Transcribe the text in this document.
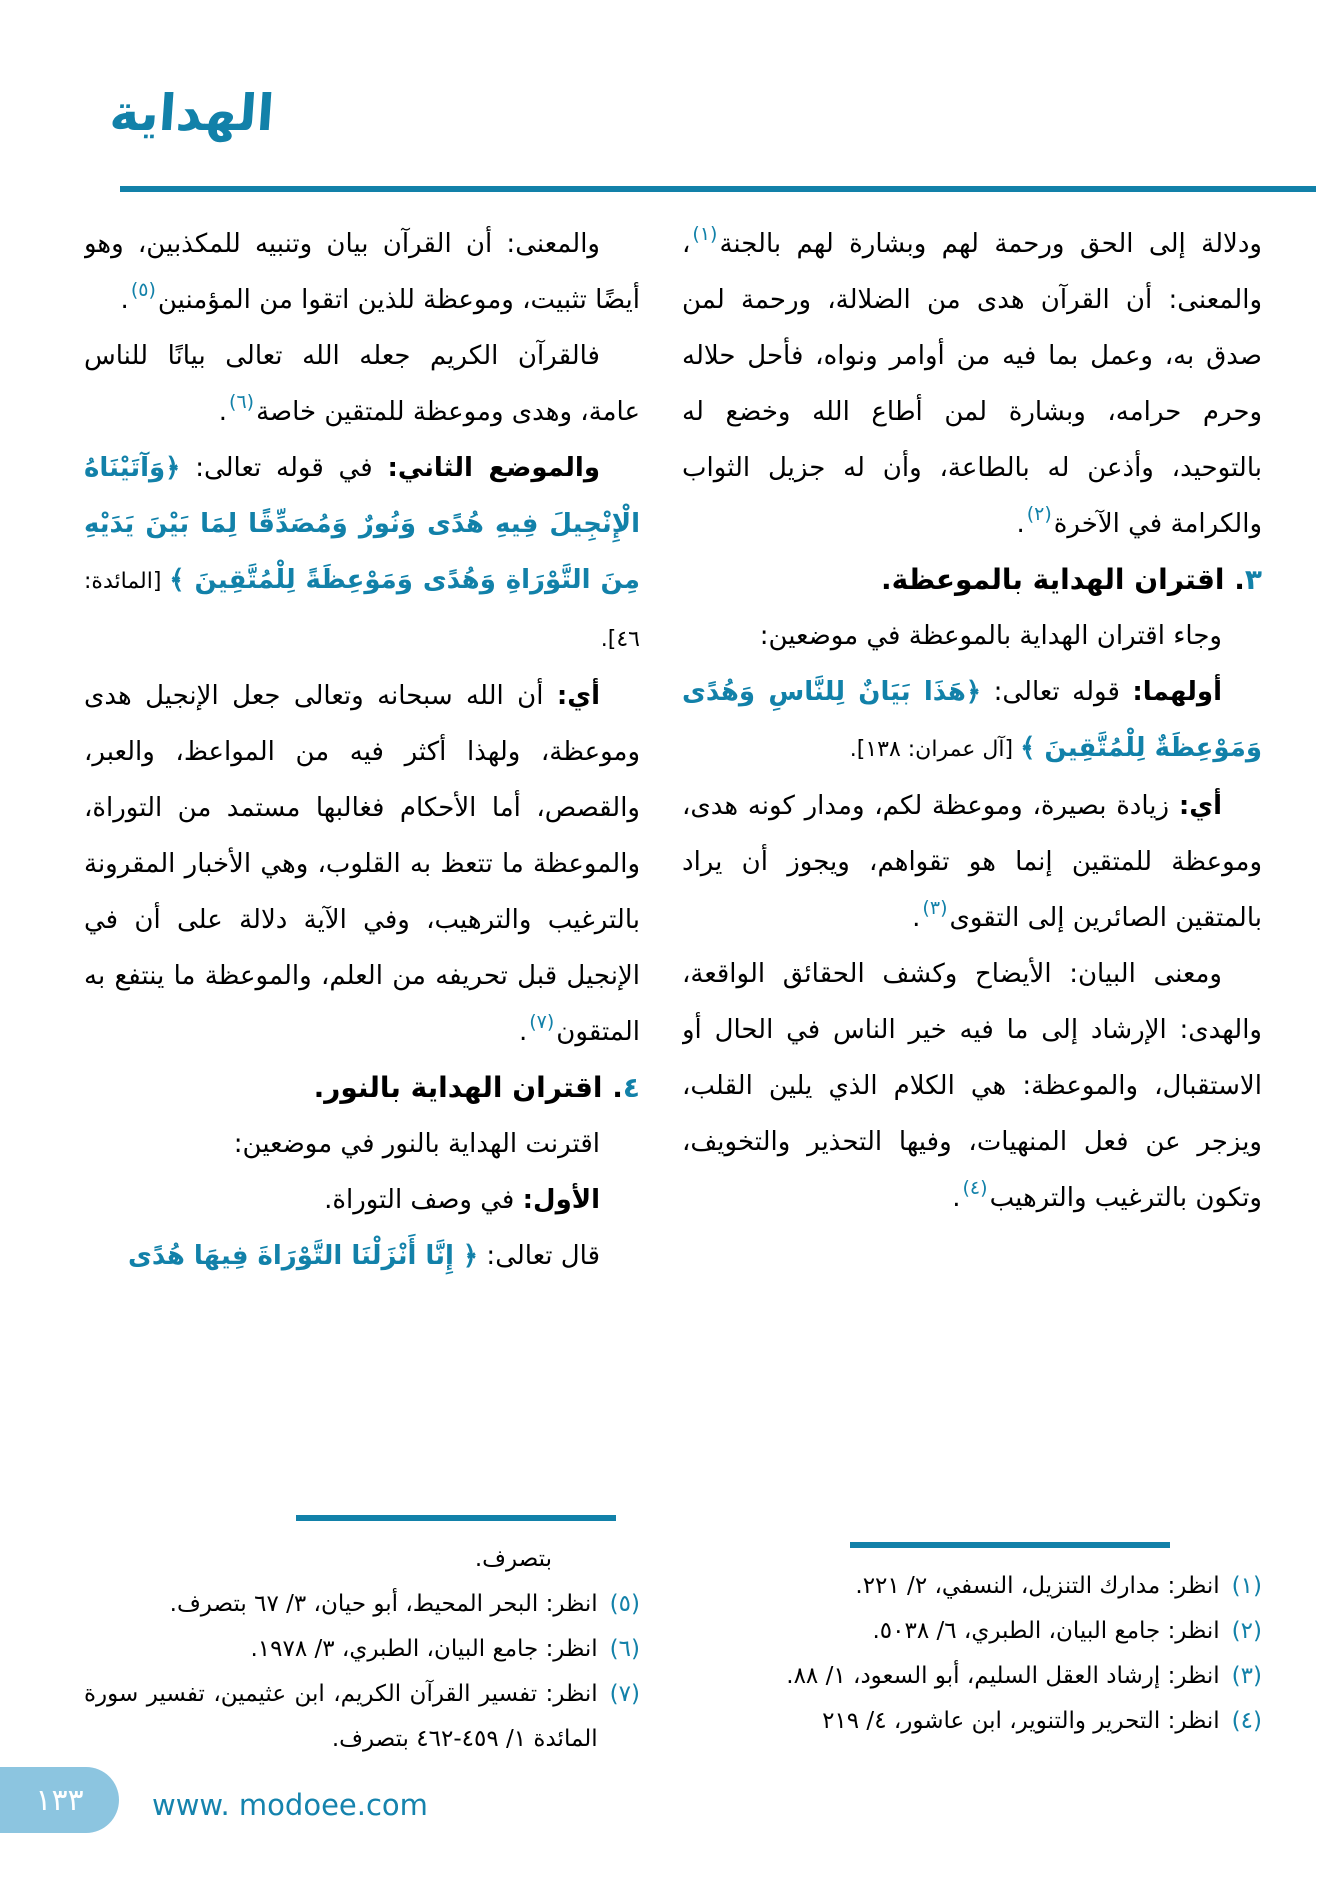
الهداية

ودلالة إلى الحق ورحمة لهم وبشارة لهم بالجنة$^{(١)}$، والمعنى: أن القرآن هدى من الضلالة، ورحمة لمن صدق به، وعمل بما فيه من أوامر ونواه، فأحل حلاله وحرم حرامه، وبشارة لمن أطاع الله وخضع له بالتوحيد، وأذعن له بالطاعة، وأن له جزيل الثواب والكرامة في الآخرة$^{(٢)}$.

٣. اقتران الهداية بالموعظة.

وجاء اقتران الهداية بالموعظة في موضعين:

أولهما: قوله تعالى: ﴿هَذَا بَيَانٌ لِلنَّاسِ وَهُدًى وَمَوْعِظَةٌ لِلْمُتَّقِينَ ﴾ [آل عمران: ١٣٨].

أي: زيادة بصيرة، وموعظة لكم، ومدار كونه هدى، وموعظة للمتقين إنما هو تقواهم، ويجوز أن يراد بالمتقين الصائرين إلى التقوى$^{(٣)}$.

ومعنى البيان: الأيضاح وكشف الحقائق الواقعة، والهدى: الإرشاد إلى ما فيه خير الناس في الحال أو الاستقبال، والموعظة: هي الكلام الذي يلين القلب، ويزجر عن فعل المنهيات، وفيها التحذير والتخويف، وتكون بالترغيب والترهيب$^{(٤)}$.

(١)
انظر: مدارك التنزيل، النسفي، ٢/ ٢٢١.
(٢)
انظر: جامع البيان، الطبري، ٦/ ٥٠٣٨.
(٣)
انظر: إرشاد العقل السليم، أبو السعود، ١/ ٨٨.
(٤)
انظر: التحرير والتنوير، ابن عاشور، ٤/ ٢١٩

والمعنى: أن القرآن بيان وتنبيه للمكذبين، وهو أيضًا تثبيت، وموعظة للذين اتقوا من المؤمنين$^{(٥)}$.

فالقرآن الكريم جعله الله تعالى بيانًا للناس عامة، وهدى وموعظة للمتقين خاصة$^{(٦)}$.

والموضع الثاني: في قوله تعالى: ﴿وَآتَيْنَاهُ الْإِنْجِيلَ فِيهِ هُدًى وَنُورٌ وَمُصَدِّقًا لِمَا بَيْنَ يَدَيْهِ مِنَ التَّوْرَاةِ وَهُدًى وَمَوْعِظَةً لِلْمُتَّقِينَ ﴾ [المائدة: ٤٦].

أي: أن الله سبحانه وتعالى جعل الإنجيل هدى وموعظة، ولهذا أكثر فيه من المواعظ، والعبر، والقصص، أما الأحكام فغالبها مستمد من التوراة، والموعظة ما تتعظ به القلوب، وهي الأخبار المقرونة بالترغيب والترهيب، وفي الآية دلالة على أن في الإنجيل قبل تحريفه من العلم، والموعظة ما ينتفع به المتقون$^{(٧)}$.

٤. اقتران الهداية بالنور.

اقترنت الهداية بالنور في موضعين:

الأول: في وصف التوراة.

قال تعالى: ﴿ إِنَّا أَنْزَلْنَا التَّوْرَاةَ فِيهَا هُدًى

بتصرف.
(٥)
انظر: البحر المحيط، أبو حيان، ٣/ ٦٧ بتصرف.
(٦)
انظر: جامع البيان، الطبري، ٣/ ١٩٧٨.
(٧)
انظر: تفسير القرآن الكريم، ابن عثيمين، تفسير سورة المائدة ١/ ٤٥٩-٤٦٢ بتصرف.
١٣٣ www. modoee.com
